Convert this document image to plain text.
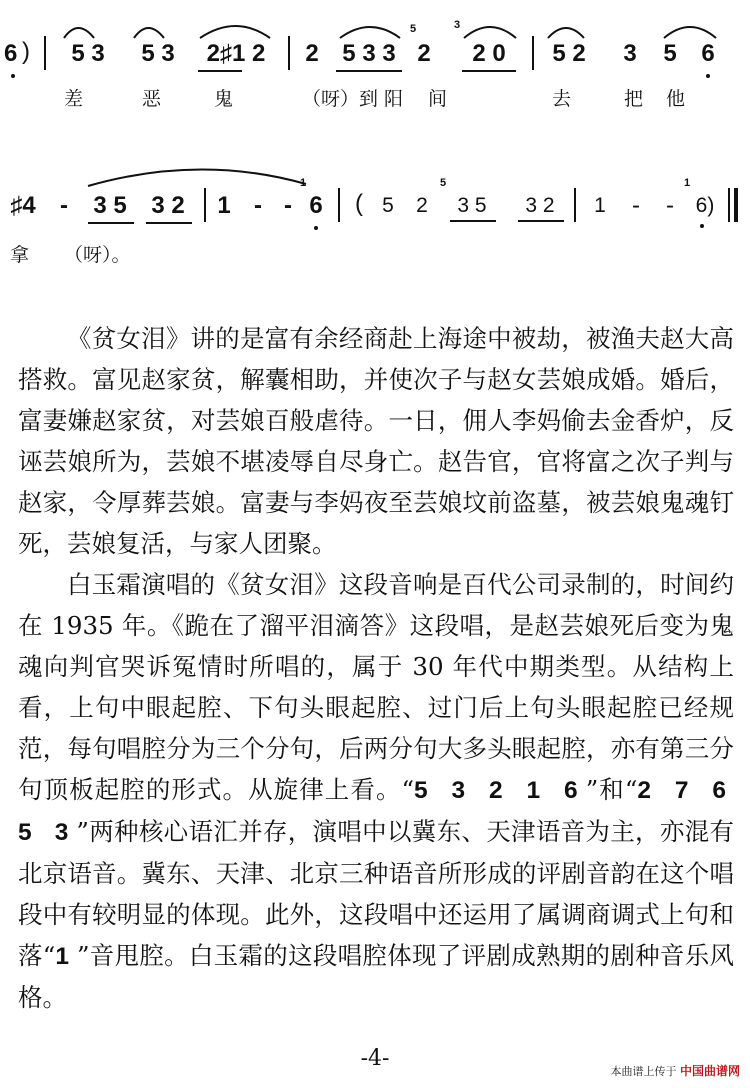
6 )	5 3	5 3	2♯1 2	2 5 3 3
5
2
3
2 0	5 2	3 5 6
差	恶	鬼	（呀）到 阳 间	去	把 他
♯4 -	3 5	3 2	1 - -
1
6 ( 5 2
5
3 5	3 2	1 - -
1
6)
拿 （呀）。

《贫女泪》讲的是富有余经商赴上海途中被劫，被渔夫赵大高搭救。富见赵家贫，解囊相助，并使次子与赵女芸娘成婚。婚后，富妻嫌赵家贫，对芸娘百般虐待。一日，佣人李妈偷去金香炉，反诬芸娘所为，芸娘不堪凌辱自尽身亡。赵告官，官将富之次子判与赵家，令厚葬芸娘。富妻与李妈夜至芸娘坟前盗墓，被芸娘鬼魂钉死，芸娘复活，与家人团聚。

白玉霜演唱的《贫女泪》这段音响是百代公司录制的，时间约在 1935 年。《跪在了溜平泪滴答》这段唱，是赵芸娘死后变为鬼魂向判官哭诉冤情时所唱的，属于 30 年代中期类型。从结构上看，上句中眼起腔、下句头眼起腔、过门后上句头眼起腔已经规范，每句唱腔分为三个分句，后两分句大多头眼起腔，亦有第三分句顶板起腔的形式。从旋律上看。“5 3 2 1 6”和“2 7 6 5 3”两种核心语汇并存，演唱中以冀东、天津语音为主，亦混有北京语音。冀东、天津、北京三种语音所形成的评剧音韵在这个唱段中有较明显的体现。此外，这段唱中还运用了属调商调式上句和落“1”音甩腔。白玉霜的这段唱腔体现了评剧成熟期的剧种音乐风格。

-4-
本曲谱上传于 中国曲谱网
